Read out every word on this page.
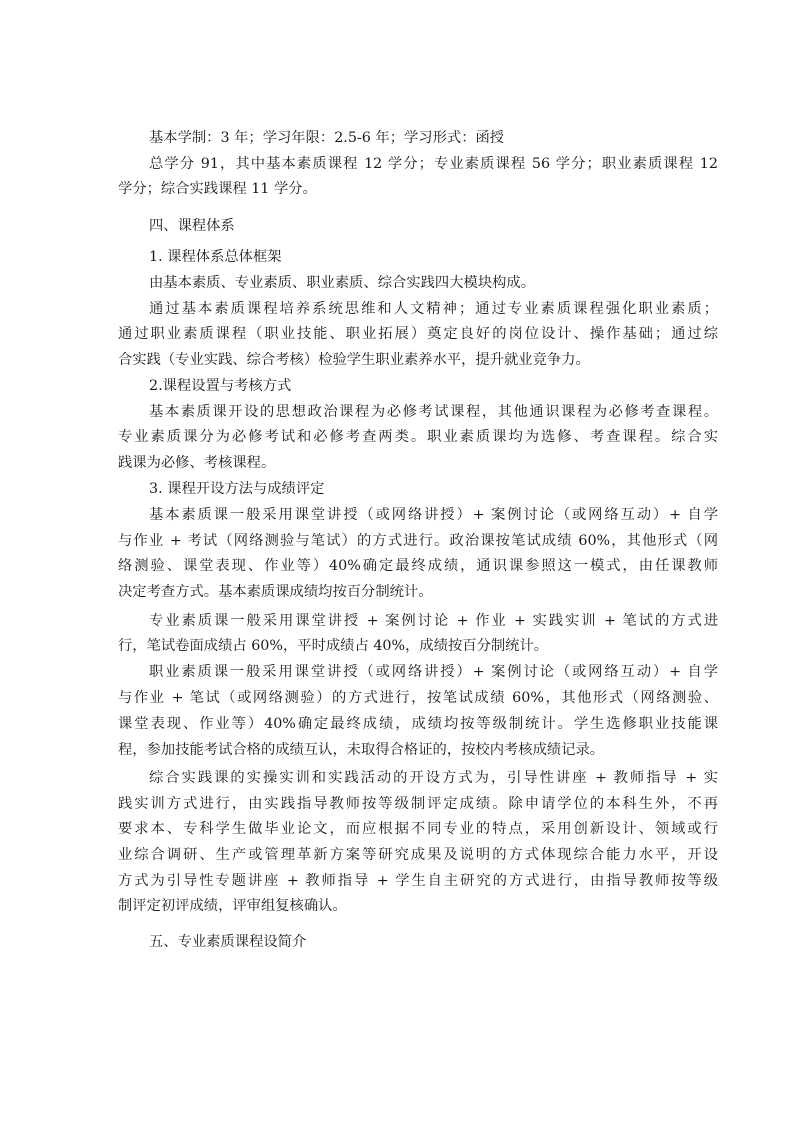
基本学制：3 年；学习年限：2.5-6 年；学习形式：函授
总学分 91，其中基本素质课程 12 学分；专业素质课程 56 学分；职业素质课程 12
学分；综合实践课程 11 学分。
四、课程体系
1. 课程体系总体框架
由基本素质、专业素质、职业素质、综合实践四大模块构成。
通过基本素质课程培养系统思维和人文精神；通过专业素质课程强化职业素质；
通过职业素质课程（职业技能、职业拓展）奠定良好的岗位设计、操作基础；通过综
合实践（专业实践、综合考核）检验学生职业素养水平，提升就业竞争力。
2.课程设置与考核方式
基本素质课开设的思想政治课程为必修考试课程，其他通识课程为必修考查课程。
专业素质课分为必修考试和必修考查两类。职业素质课均为选修、考查课程。综合实
践课为必修、考核课程。
3. 课程开设方法与成绩评定
基本素质课一般采用课堂讲授（或网络讲授）+ 案例讨论（或网络互动）+ 自学
与作业 + 考试（网络测验与笔试）的方式进行。政治课按笔试成绩 60%，其他形式（网
络测验、课堂表现、作业等）40%确定最终成绩，通识课参照这一模式，由任课教师
决定考查方式。基本素质课成绩均按百分制统计。
专业素质课一般采用课堂讲授 + 案例讨论 + 作业 + 实践实训 + 笔试的方式进
行，笔试卷面成绩占 60%，平时成绩占 40%，成绩按百分制统计。
职业素质课一般采用课堂讲授（或网络讲授）+ 案例讨论（或网络互动）+ 自学
与作业 + 笔试（或网络测验）的方式进行，按笔试成绩 60%，其他形式（网络测验、
课堂表现、作业等）40%确定最终成绩，成绩均按等级制统计。学生选修职业技能课
程，参加技能考试合格的成绩互认，未取得合格证的，按校内考核成绩记录。
综合实践课的实操实训和实践活动的开设方式为，引导性讲座 + 教师指导 + 实
践实训方式进行，由实践指导教师按等级制评定成绩。除申请学位的本科生外，不再
要求本、专科学生做毕业论文，而应根据不同专业的特点，采用创新设计、领域或行
业综合调研、生产或管理革新方案等研究成果及说明的方式体现综合能力水平，开设
方式为引导性专题讲座 + 教师指导 + 学生自主研究的方式进行，由指导教师按等级
制评定初评成绩，评审组复核确认。
五、专业素质课程设简介
